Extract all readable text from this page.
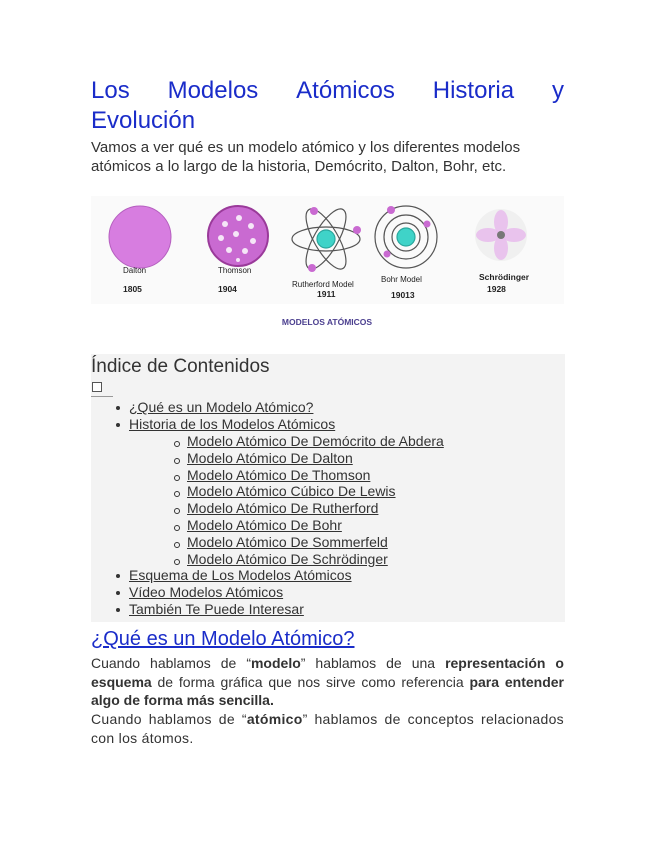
Los Modelos Atómicos Historia y
Evolución

Vamos a ver qué es un modelo atómico y los diferentes modelos atómicos a lo largo de la historia, Demócrito, Dalton, Bohr, etc.

Dalton
1805
Thomson
1904	Rutherford Model
1911
Bohr Model
19013
Schrödinger
1928
MODELOS ATÓMICOS
Índice de Contenidos
¿Qué es un Modelo Atómico?
Historia de los Modelos Atómicos
Modelo Atómico De Demócrito de Abdera
Modelo Atómico De Dalton
Modelo Atómico De Thomson
Modelo Atómico Cúbico De Lewis
Modelo Atómico De Rutherford
Modelo Atómico De Bohr
Modelo Atómico De Sommerfeld
Modelo Atómico De Schrödinger
Esquema de Los Modelos Atómicos
Vídeo Modelos Atómicos
También Te Puede Interesar
¿Qué es un Modelo Atómico?

Cuando hablamos de “modelo” hablamos de una representación o esquema de forma gráfica que nos sirve como referencia para entender algo de forma más sencilla.

Cuando hablamos de “atómico” hablamos de conceptos relacionados con los átomos.
